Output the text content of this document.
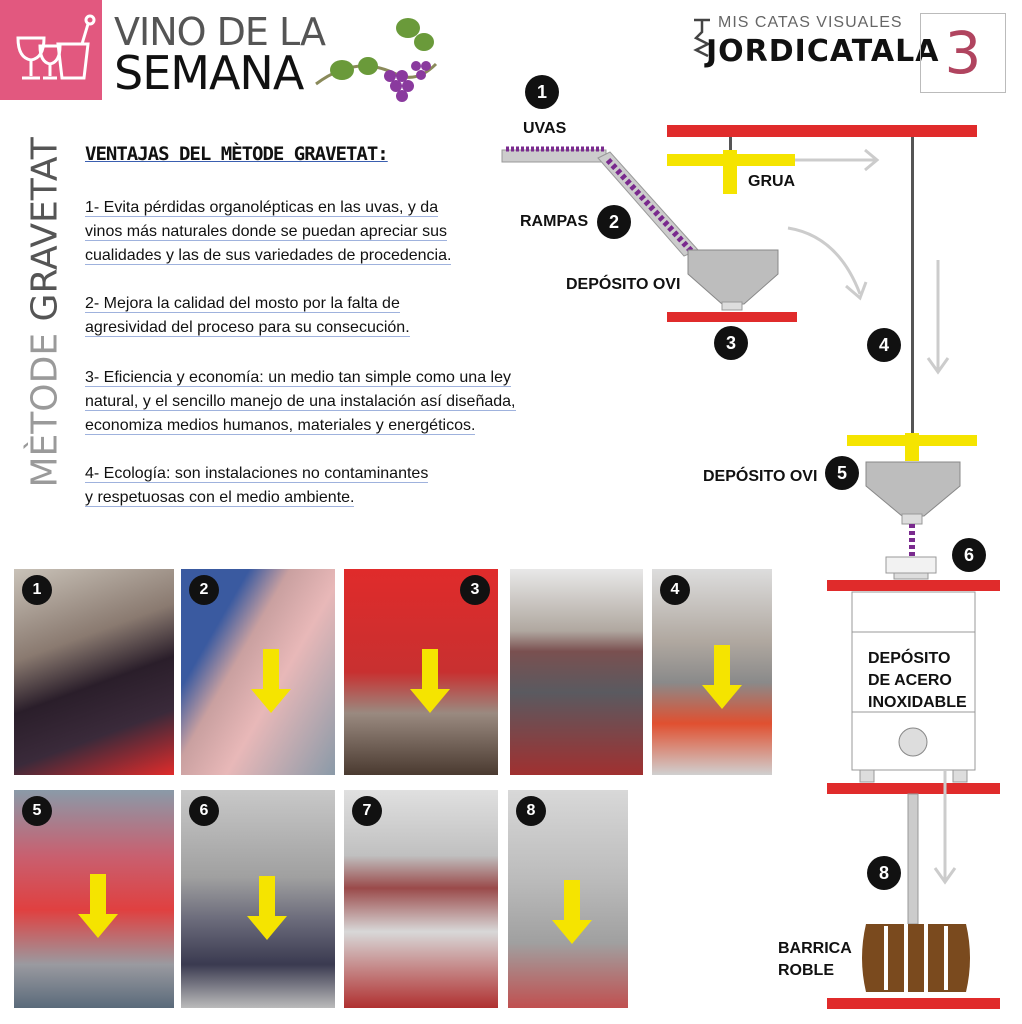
VINO DE LA
SEMANA
MIS CATAS VISUALES
JORDICATALA 3
MÈTODE GRAVETAT VENTAJAS DEL MÈTODE GRAVETAT:
1- Evita pérdidas organolépticas en las uvas, y da
vinos más naturales donde se puedan apreciar sus
cualidades y las de sus variedades de procedencia.
2- Mejora la calidad del mosto por la falta de
agresividad del proceso para su consecución.
3- Eficiencia y economía: un medio tan simple como una ley
natural, y el sencillo manejo de una instalación así diseñada,
economiza medios humanos, materiales y energéticos.
4- Ecología: son instalaciones no contaminantes
y respetuosas con el medio ambiente.
UVAS
RAMPAS
GRUA
DEPÓSITO OVI
DEPÓSITO OVI
DEPÓSITO
DE ACERO
INOXIDABLE
BARRICA
ROBLE
1
2
3	4
5
6
8
1	2	3	4
5	6	7	8
